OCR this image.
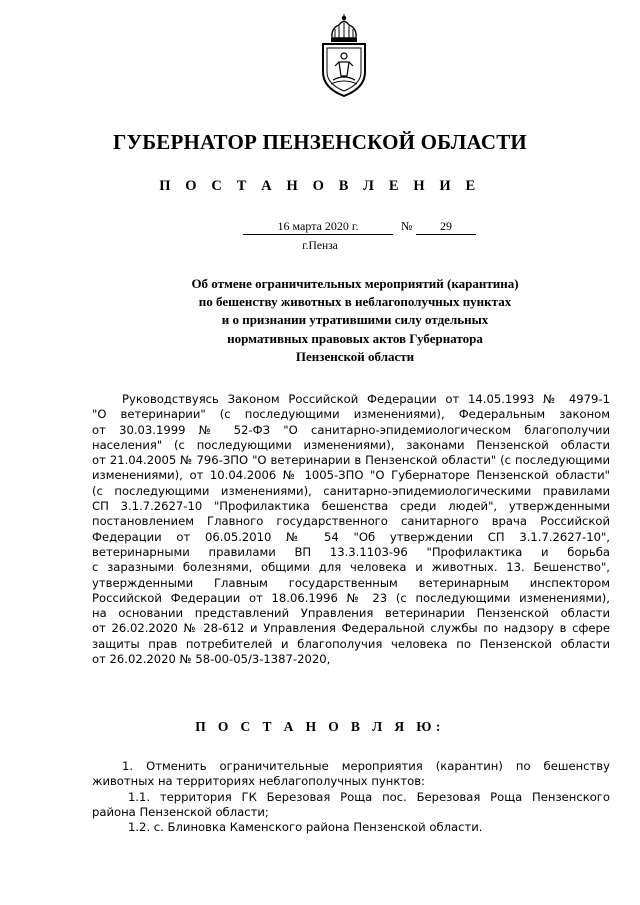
ГУБЕРНАТОР ПЕНЗЕНСКОЙ ОБЛАСТИ
П О С Т А Н О В Л Е Н И Е
16 марта 2020 г.	№	29
г.Пенза
Об отмене ограничительных мероприятий (карантина)
по бешенству животных в неблагополучных пунктах
и о признании утратившими силу отдельных
нормативных правовых актов Губернатора
Пензенской области
Руководствуясь Законом Российской Федерации от 14.05.1993 № 4979-1
"О ветеринарии" (с последующими изменениями), Федеральным законом
от 30.03.1999 № 52-ФЗ "О санитарно-эпидемиологическом благополучии
населения" (с последующими изменениями), законами Пензенской области
от 21.04.2005 № 796-ЗПО "О ветеринарии в Пензенской области" (с последующими
изменениями), от 10.04.2006 № 1005-ЗПО "О Губернаторе Пензенской области"
(с последующими изменениями), санитарно-эпидемиологическими правилами
СП 3.1.7.2627-10 "Профилактика бешенства среди людей", утвержденными
постановлением Главного государственного санитарного врача Российской
Федерации от 06.05.2010 № 54 "Об утверждении СП 3.1.7.2627-10",
ветеринарными правилами ВП 13.3.1103-96 "Профилактика и борьба
с заразными болезнями, общими для человека и животных. 13. Бешенство",
утвержденными Главным государственным ветеринарным инспектором
Российской Федерации от 18.06.1996 № 23 (с последующими изменениями),
на основании представлений Управления ветеринарии Пензенской области
от 26.02.2020 № 28-612 и Управления Федеральной службы по надзору в сфере
защиты прав потребителей и благополучия человека по Пензенской области
от 26.02.2020 № 58-00-05/3-1387-2020,
П О С Т А Н О В Л Я Ю:
1. Отменить ограничительные мероприятия (карантин) по бешенству
животных на территориях неблагополучных пунктов:
1.1. территория ГК Березовая Роща пос. Березовая Роща Пензенского
района Пензенской области;
1.2. с. Блиновка Каменского района Пензенской области.
